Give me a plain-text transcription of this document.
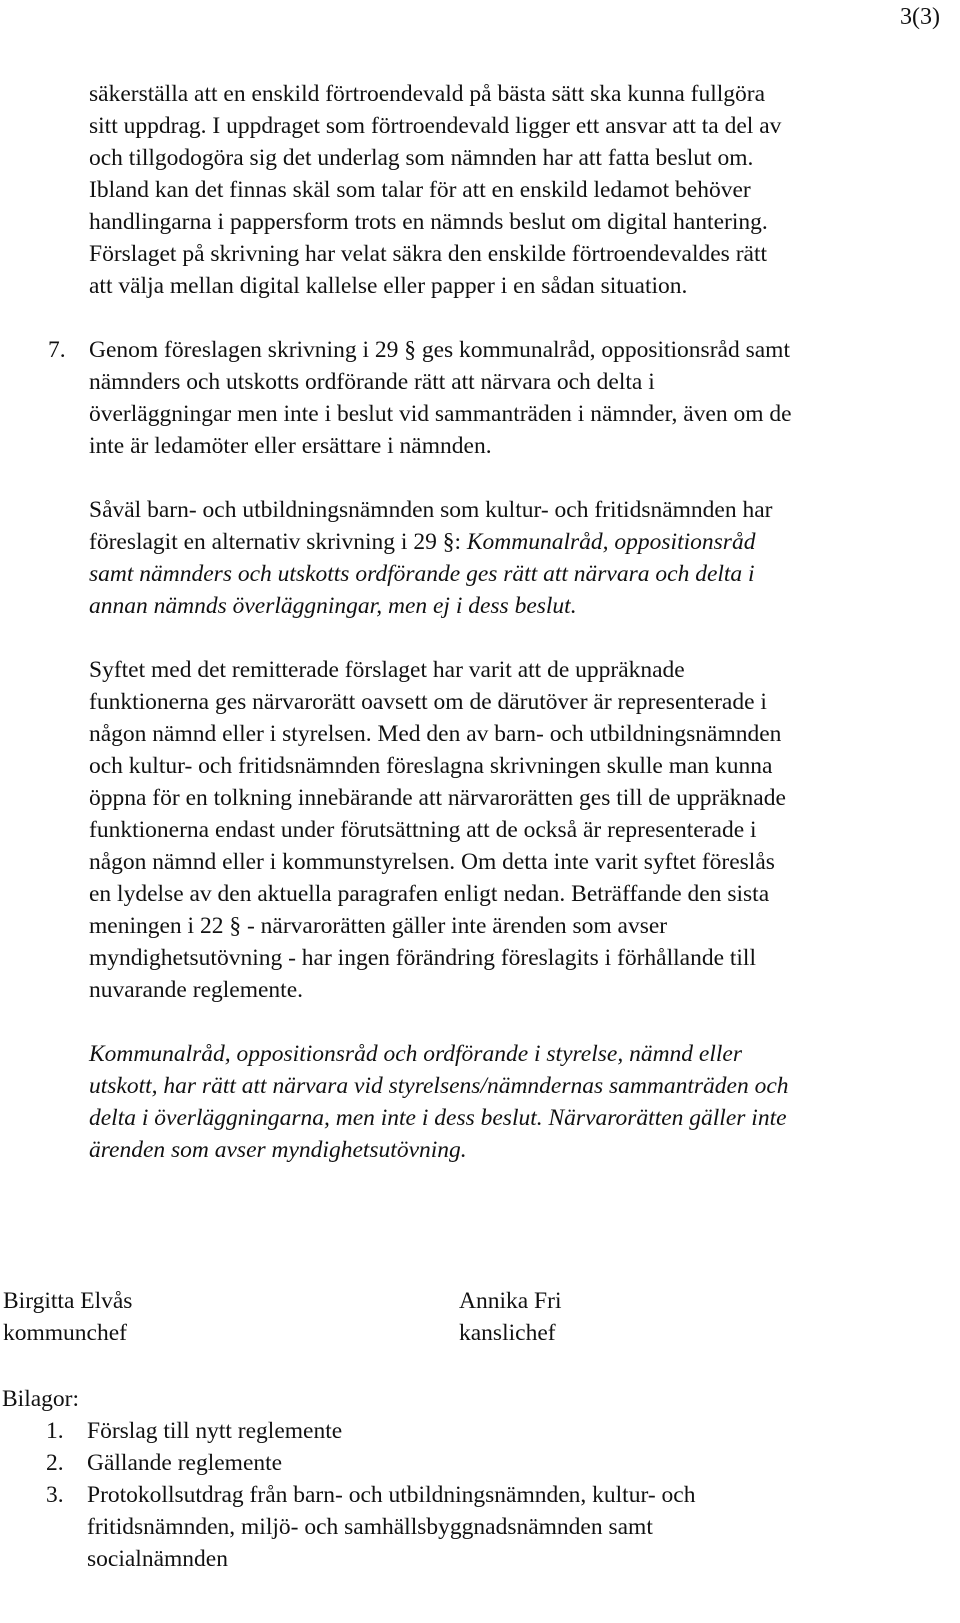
3(3)

säkerställa att en enskild förtroendevald på bästa sätt ska kunna fullgöra

sitt uppdrag. I uppdraget som förtroendevald ligger ett ansvar att ta del av

och tillgodogöra sig det underlag som nämnden har att fatta beslut om.

Ibland kan det finnas skäl som talar för att en enskild ledamot behöver

handlingarna i pappersform trots en nämnds beslut om digital hantering.

Förslaget på skrivning har velat säkra den enskilde förtroendevaldes rätt

att välja mellan digital kallelse eller papper i en sådan situation.

7. Genom föreslagen skrivning i 29 § ges kommunalråd, oppositionsråd samt

nämnders och utskotts ordförande rätt att närvara och delta i

överläggningar men inte i beslut vid sammanträden i nämnder, även om de

inte är ledamöter eller ersättare i nämnden.

Såväl barn- och utbildningsnämnden som kultur- och fritidsnämnden har

föreslagit en alternativ skrivning i 29 §: Kommunalråd, oppositionsråd

samt nämnders och utskotts ordförande ges rätt att närvara och delta i

annan nämnds överläggningar, men ej i dess beslut.

Syftet med det remitterade förslaget har varit att de uppräknade

funktionerna ges närvarorätt oavsett om de därutöver är representerade i

någon nämnd eller i styrelsen. Med den av barn- och utbildningsnämnden

och kultur- och fritidsnämnden föreslagna skrivningen skulle man kunna

öppna för en tolkning innebärande att närvarorätten ges till de uppräknade

funktionerna endast under förutsättning att de också är representerade i

någon nämnd eller i kommunstyrelsen. Om detta inte varit syftet föreslås

en lydelse av den aktuella paragrafen enligt nedan. Beträffande den sista

meningen i 22 § - närvarorätten gäller inte ärenden som avser

myndighetsutövning - har ingen förändring föreslagits i förhållande till

nuvarande reglemente.

Kommunalråd, oppositionsråd och ordförande i styrelse, nämnd eller

utskott, har rätt att närvara vid styrelsens/nämndernas sammanträden och

delta i överläggningarna, men inte i dess beslut. Närvarorätten gäller inte

ärenden som avser myndighetsutövning.

Birgitta Elvås
kommunchef
Annika Fri
kanslichef
Bilagor:
1. Förslag till nytt reglemente
2. Gällande reglemente
3. Protokollsutdrag från barn- och utbildningsnämnden, kultur- och
fritidsnämnden, miljö- och samhällsbyggnadsnämnden samt
socialnämnden
